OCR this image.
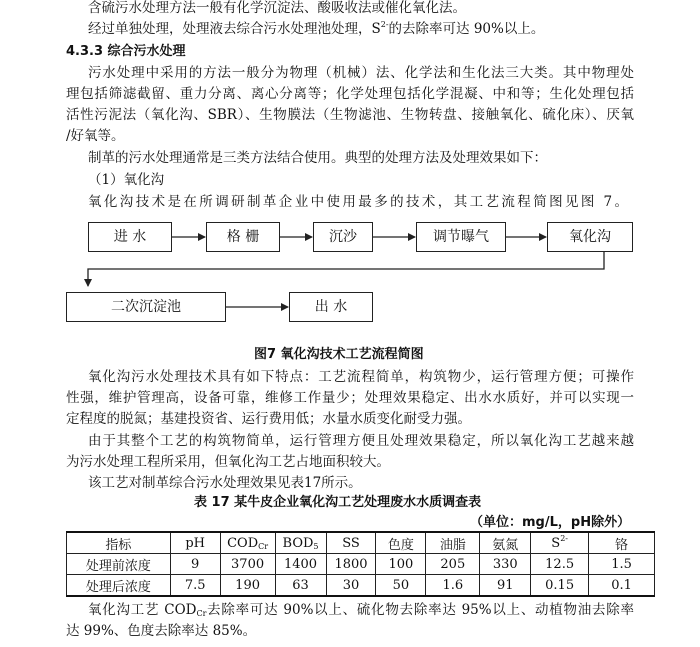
含硫污水处理方法一般有化学沉淀法、酸吸收法或催化氧化法。
经过单独处理，处理液去综合污水处理池处理，$S^{2-}$的去除率可达 90%以上。
4.3.3 综合污水处理
污水处理中采用的方法一般分为物理（机械）法、化学法和生化法三大类。其中物理处
理包括筛滤截留、重力分离、离心分离等；化学处理包括化学混凝、中和等；生化处理包括
活性污泥法（氧化沟、SBR）、生物膜法（生物滤池、生物转盘、接触氧化、硫化床）、厌氧
/好氧等。
制革的污水处理通常是三类方法结合使用。典型的处理方法及处理效果如下：
（1）氧化沟
氧化沟技术是在所调研制革企业中使用最多的技术，其工艺流程简图见图 7。
进 水	格 栅	沉沙	调节曝气	氧化沟
二次沉淀池	出 水
图7 氧化沟技术工艺流程简图
氧化沟污水处理技术具有如下特点：工艺流程简单，构筑物少，运行管理方便；可操作
性强，维护管理高，设备可靠，维修工作量少；处理效果稳定、出水水质好，并可以实现一
定程度的脱氮；基建投资省、运行费用低；水量水质变化耐受力强。
由于其整个工艺的构筑物简单，运行管理方便且处理效果稳定，所以氧化沟工艺越来越
为污水处理工程所采用，但氧化沟工艺占地面积较大。
该工艺对制革综合污水处理效果见表17所示。
表 17 某牛皮企业氧化沟工艺处理废水水质调查表
（单位：mg/L，pH除外）
指标	pH	$COD_{Cr}$	$BOD_5$	SS	色度	油脂	氨氮	$S^{2-}$	铬
处理前浓度	9	3700	1400	1800	100	205	330	12.5	1.5
处理后浓度	7.5	190	63	30	50	1.6	91	0.15	0.1
氧化沟工艺 $COD_{Cr}$去除率可达 90%以上、硫化物去除率达 95%以上、动植物油去除率
达 99%、色度去除率达 85%。
